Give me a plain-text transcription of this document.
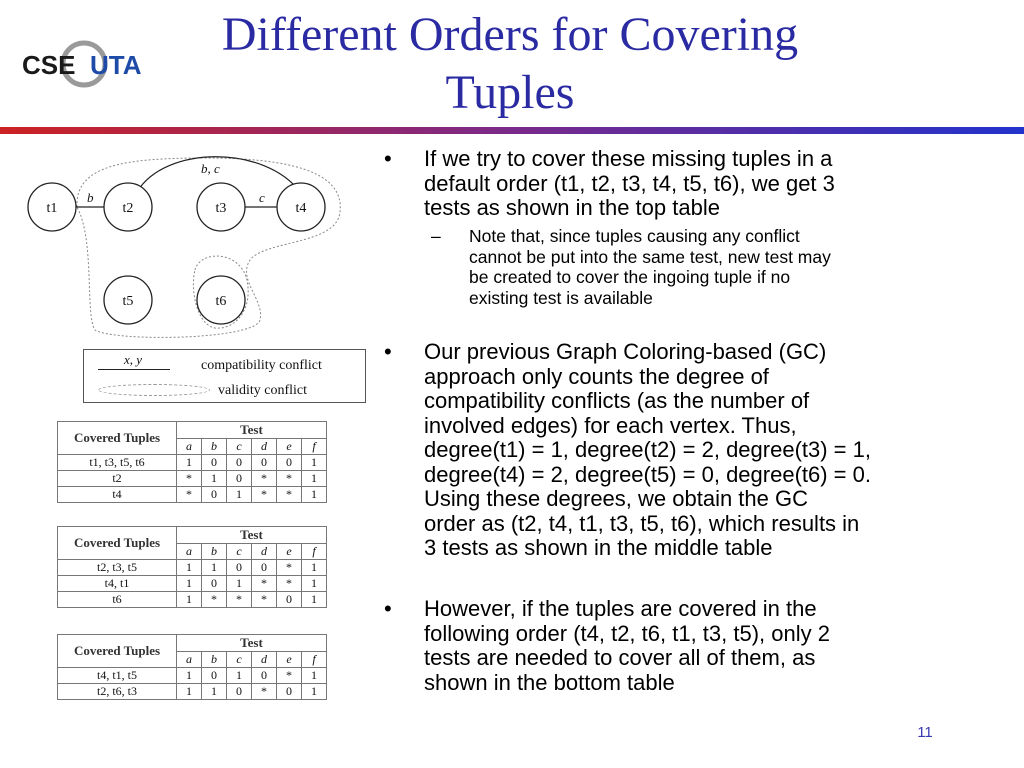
Different Orders for Covering
Tuples
CSE UTA
b	c
b, c
t1	t2	t3	t4
t5	t6
x, y	compatibility conflict
validity conflict
Covered Tuples	Test					
	a	b	c	d	e	f
t1, t3, t5, t6	1	0	0	0	0	1
t2	*	1	0	*	*	1
t4	*	0	1	*	*	1
Covered Tuples	Test					
	a	b	c	d	e	f
t2, t3, t5	1	1	0	0	*	1
t4, t1	1	0	1	*	*	1
t6	1	*	*	*	0	1
Covered Tuples	Test					
	a	b	c	d	e	f
t4, t1, t5	1	0	1	0	*	1
t2, t6, t3	1	1	0	*	0	1
• If we try to cover these missing tuples in a
default order (t1, t2, t3, t4, t5, t6), we get 3
tests as shown in the top table
– Note that, since tuples causing any conflict
cannot be put into the same test, new test may
be created to cover the ingoing tuple if no
existing test is available
• Our previous Graph Coloring-based (GC)
approach only counts the degree of
compatibility conflicts (as the number of
involved edges) for each vertex. Thus,
degree(t1) = 1, degree(t2) = 2, degree(t3) = 1,
degree(t4) = 2, degree(t5) = 0, degree(t6) = 0.
Using these degrees, we obtain the GC
order as (t2, t4, t1, t3, t5, t6), which results in
3 tests as shown in the middle table
• However, if the tuples are covered in the
following order (t4, t2, t6, t1, t3, t5), only 2
tests are needed to cover all of them, as
shown in the bottom table
11
